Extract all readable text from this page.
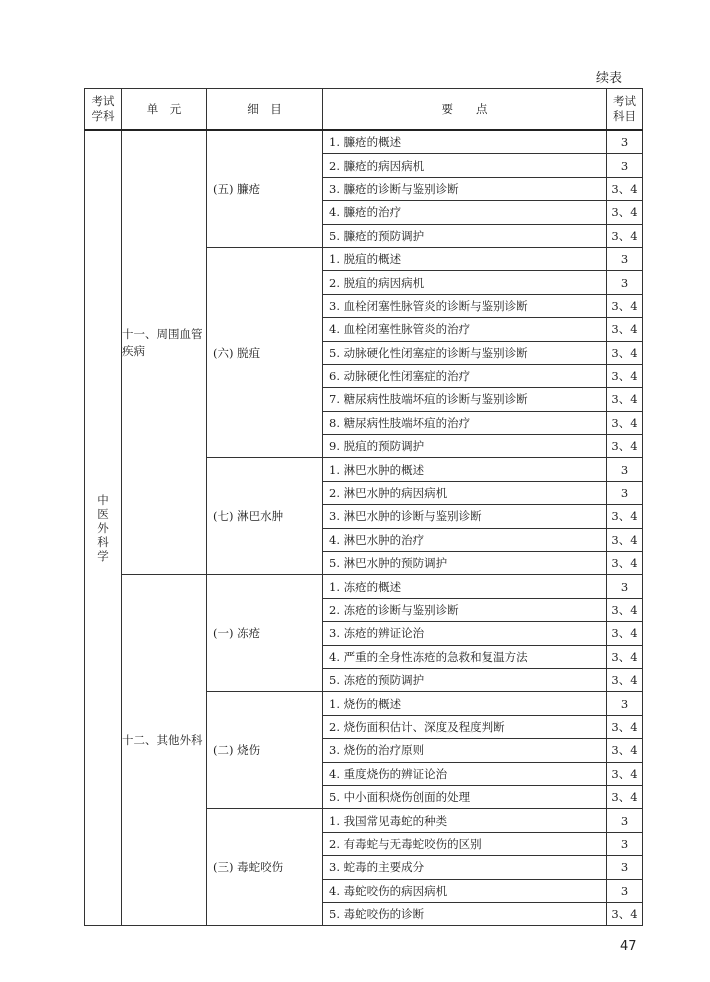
续表
考试学科	单　元	细　目	要　　点	考试科目
中医外科学	十一、周围血管疾病	(五) 臁疮	1. 臁疮的概述	3
			2. 臁疮的病因病机	3
			3. 臁疮的诊断与鉴别诊断	3、4
			4. 臁疮的治疗	3、4
			5. 臁疮的预防调护	3、4
		(六) 脱疽	1. 脱疽的概述	3
			2. 脱疽的病因病机	3
			3. 血栓闭塞性脉管炎的诊断与鉴别诊断	3、4
			4. 血栓闭塞性脉管炎的治疗	3、4
			5. 动脉硬化性闭塞症的诊断与鉴别诊断	3、4
			6. 动脉硬化性闭塞症的治疗	3、4
			7. 糖尿病性肢端坏疽的诊断与鉴别诊断	3、4
			8. 糖尿病性肢端坏疽的治疗	3、4
			9. 脱疽的预防调护	3、4
		(七) 淋巴水肿	1. 淋巴水肿的概述	3
			2. 淋巴水肿的病因病机	3
			3. 淋巴水肿的诊断与鉴别诊断	3、4
			4. 淋巴水肿的治疗	3、4
			5. 淋巴水肿的预防调护	3、4

	十二、其他外科	(一) 冻疮	1. 冻疮的概述	3
			2. 冻疮的诊断与鉴别诊断	3、4
			3. 冻疮的辨证论治	3、4
			4. 严重的全身性冻疮的急救和复温方法	3、4
			5. 冻疮的预防调护	3、4
		(二) 烧伤	1. 烧伤的概述	3
			2. 烧伤面积估计、深度及程度判断	3、4
			3. 烧伤的治疗原则	3、4
			4. 重度烧伤的辨证论治	3、4
			5. 中小面积烧伤创面的处理	3、4
		(三) 毒蛇咬伤	1. 我国常见毒蛇的种类	3
			2. 有毒蛇与无毒蛇咬伤的区别	3
			3. 蛇毒的主要成分	3
			4. 毒蛇咬伤的病因病机	3
			5. 毒蛇咬伤的诊断	3、4
47
